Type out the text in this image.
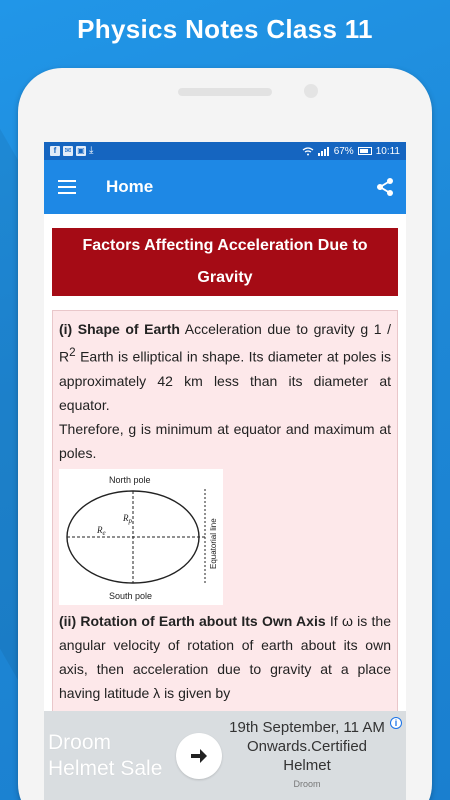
Physics Notes Class 11
f	✉ ▣ ⤓	67% 10:11
Home
Factors Affecting Acceleration Due to Gravity

(i) Shape of Earth Acceleration due to gravity g $1 / R^2$ Earth is elliptical in shape. Its diameter at poles is approximately 42 km less than its diameter at equator.

Therefore, g is minimum at equator and maximum at poles.

North pole
$R_p$
$R_e$	Equatorial line
South pole

(ii) Rotation of Earth about Its Own Axis If ω is the angular velocity of rotation of earth about its own axis, then acceleration due to gravity at a place having latitude λ is given by

Droom
Helmet Sale
19th September, 11 AM Onwards.Certified Helmet
Droom
i
